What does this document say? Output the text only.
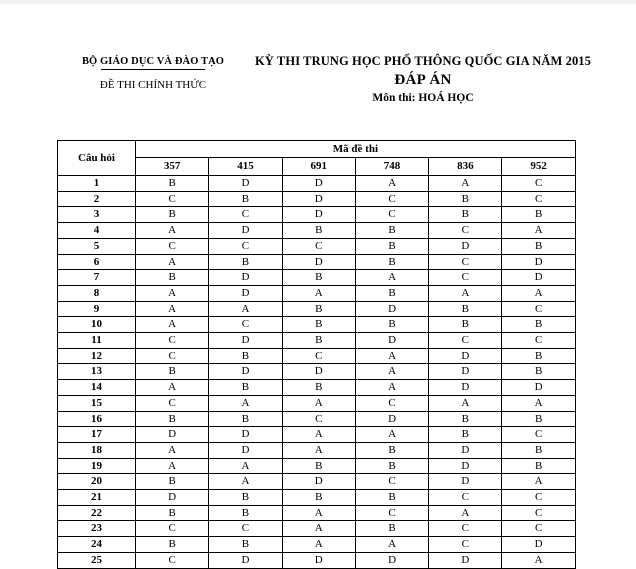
BỘ GIÁO DỤC VÀ ĐÀO TẠO
ĐỀ THI CHÍNH THỨC
KỲ THI TRUNG HỌC PHỔ THÔNG QUỐC GIA NĂM 2015
ĐÁP ÁN
Môn thi: HOÁ HỌC
Câu hỏi	Mã đề thi					
	357	415	691	748	836	952
1	B	D	D	A	A	C
2	C	B	D	C	B	C
3	B	C	D	C	B	B
4	A	D	B	B	C	A
5	C	C	C	B	D	B
6	A	B	D	B	C	D
7	B	D	B	A	C	D
8	A	D	A	B	A	A
9	A	A	B	D	B	C
10	A	C	B	B	B	B
11	C	D	B	D	C	C
12	C	B	C	A	D	B
13	B	D	D	A	D	B
14	A	B	B	A	D	D
15	C	A	A	C	A	A
16	B	B	C	D	B	B
17	D	D	A	A	B	C
18	A	D	A	B	D	B
19	A	A	B	B	D	B
20	B	A	D	C	D	A
21	D	B	B	B	C	C
22	B	B	A	C	A	C
23	C	C	A	B	C	C
24	B	B	A	A	C	D
25	C	D	D	D	D	A
